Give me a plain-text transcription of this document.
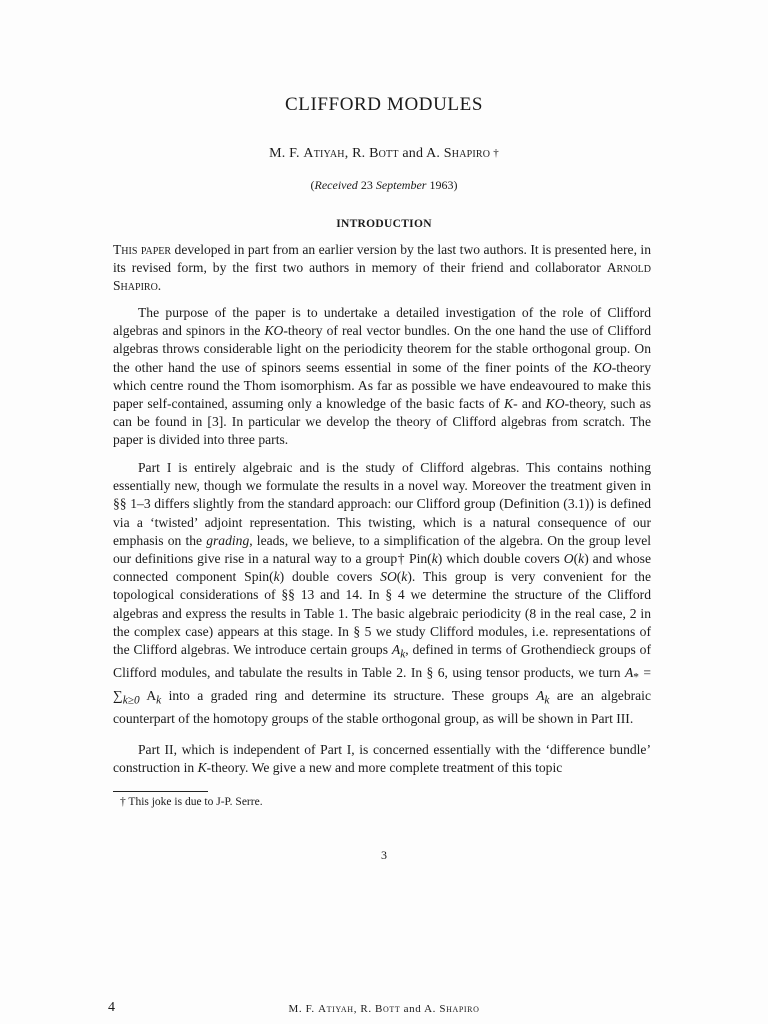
CLIFFORD MODULES
M. F. Atiyah, R. Bott and A. Shapiro †
(Received 23 September 1963)
INTRODUCTION

This paper developed in part from an earlier version by the last two authors. It is presented here, in its revised form, by the first two authors in memory of their friend and collaborator Arnold Shapiro.

The purpose of the paper is to undertake a detailed investigation of the role of Clifford algebras and spinors in the KO-theory of real vector bundles. On the one hand the use of Clifford algebras throws considerable light on the periodicity theorem for the stable orthogonal group. On the other hand the use of spinors seems essential in some of the finer points of the KO-theory which centre round the Thom isomorphism. As far as possible we have endeavoured to make this paper self-contained, assuming only a knowledge of the basic facts of K- and KO-theory, such as can be found in [3]. In particular we develop the theory of Clifford algebras from scratch. The paper is divided into three parts.

Part I is entirely algebraic and is the study of Clifford algebras. This contains nothing essentially new, though we formulate the results in a novel way. Moreover the treatment given in §§ 1–3 differs slightly from the standard approach: our Clifford group (Definition (3.1)) is defined via a ‘twisted’ adjoint representation. This twisting, which is a natural consequence of our emphasis on the grading, leads, we believe, to a simplification of the algebra. On the group level our definitions give rise in a natural way to a group† Pin(k) which double covers O(k) and whose connected component Spin(k) double covers SO(k). This group is very convenient for the topological considerations of §§ 13 and 14. In § 4 we determine the structure of the Clifford algebras and express the results in Table 1. The basic algebraic periodicity (8 in the real case, 2 in the complex case) appears at this stage. In § 5 we study Clifford modules, i.e. representations of the Clifford algebras. We introduce certain groups $A_k$, defined in terms of Grothendieck groups of Clifford modules, and tabulate the results in Table 2. In § 6, using tensor products, we turn $A_* = \sum_{k\ge 0}$ $A_k$ into a graded ring and determine its structure. These groups $A_k$ are an algebraic counterpart of the homotopy groups of the stable orthogonal group, as will be shown in Part III.

Part II, which is independent of Part I, is concerned essentially with the ‘difference bundle’ construction in K-theory. We give a new and more complete treatment of this topic

† This joke is due to J-P. Serre.
3
4	M. F. Atiyah, R. Bott and A. Shapiro
